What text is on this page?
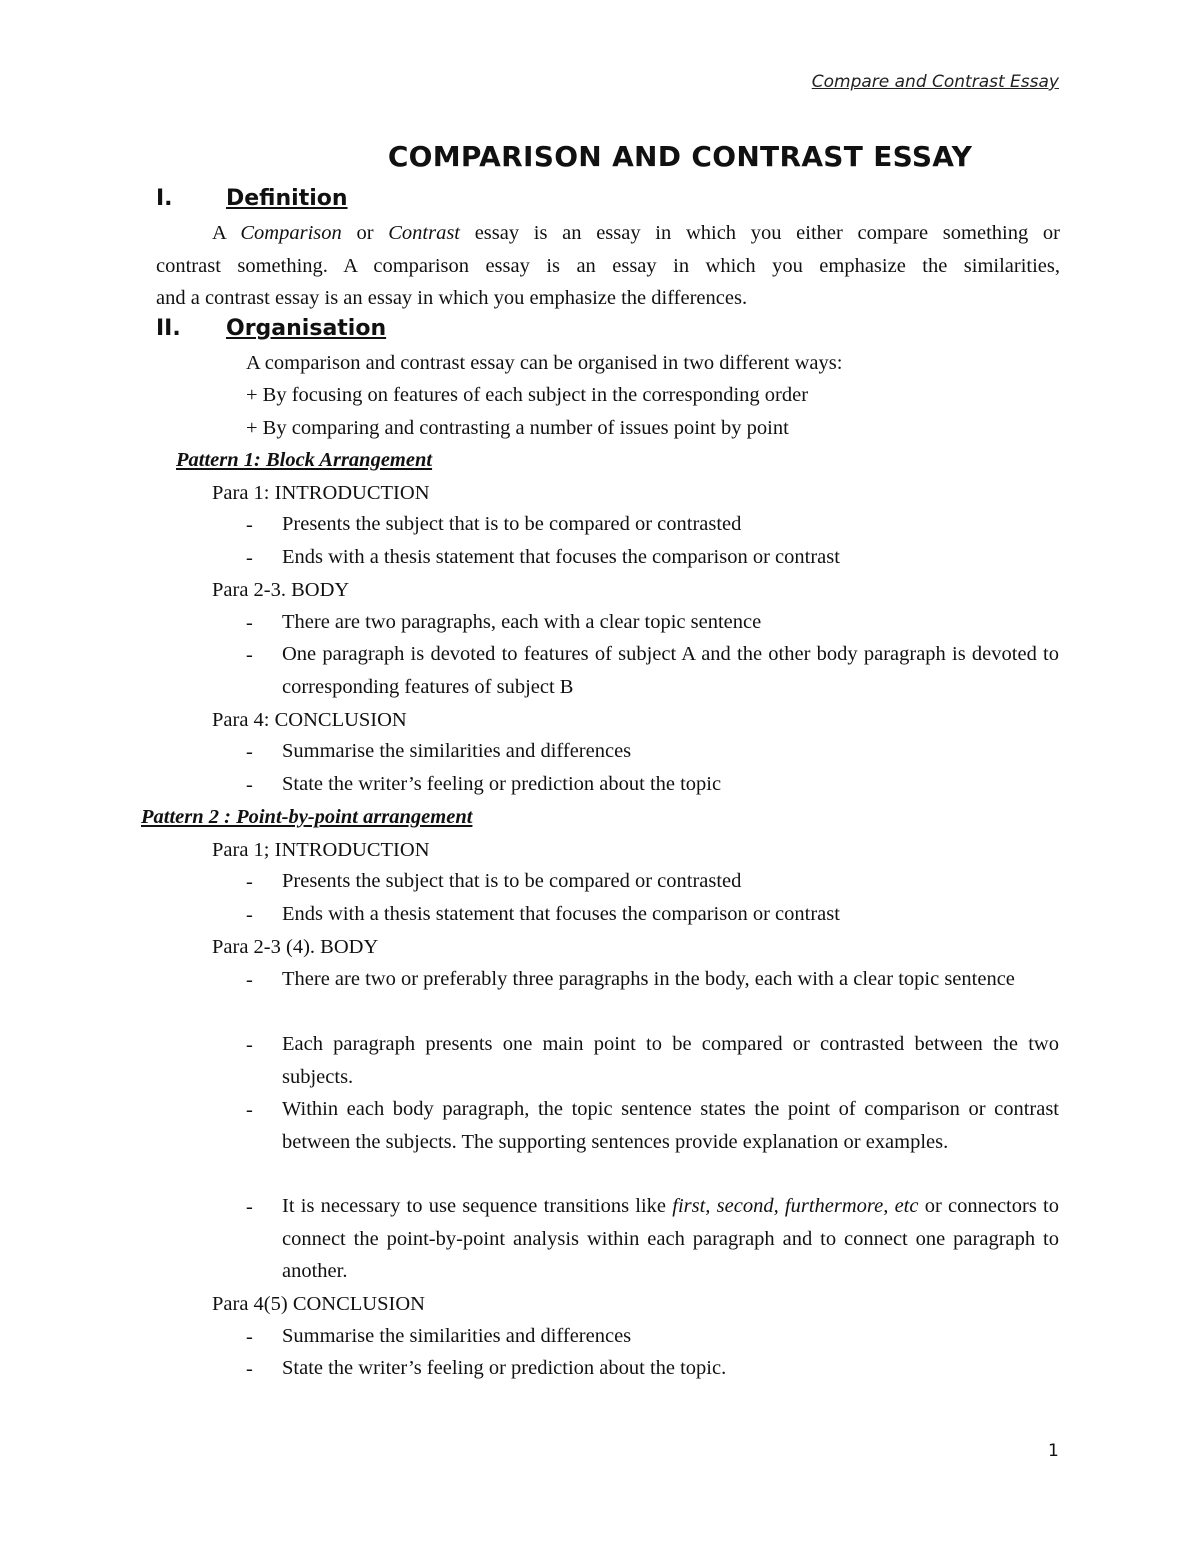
Compare and Contrast Essay
COMPARISON AND CONTRAST ESSAY
I. Definition
A Comparison or Contrast essay is an essay in which you either compare something or
contrast something. A comparison essay is an essay in which you emphasize the similarities,
and a contrast essay is an essay in which you emphasize the differences.
II. Organisation
A comparison and contrast essay can be organised in two different ways:
+ By focusing on features of each subject in the corresponding order
+ By comparing and contrasting a number of issues point by point
Pattern 1: Block Arrangement
Para 1: INTRODUCTION
- Presents the subject that is to be compared or contrasted
- Ends with a thesis statement that focuses the comparison or contrast
Para 2-3. BODY
- There are two paragraphs, each with a clear topic sentence
- One paragraph is devoted to features of subject A and the other body paragraph is devoted to corresponding features of subject B
Para 4: CONCLUSION
- Summarise the similarities and differences
- State the writer’s feeling or prediction about the topic
Pattern 2 : Point-by-point arrangement
Para 1; INTRODUCTION
- Presents the subject that is to be compared or contrasted
- Ends with a thesis statement that focuses the comparison or contrast
Para 2-3 (4). BODY
- There are two or preferably three paragraphs in the body, each with a clear topic sentence
- Each paragraph presents one main point to be compared or contrasted between the two subjects.
- Within each body paragraph, the topic sentence states the point of comparison or contrast between the subjects. The supporting sentences provide explanation or examples.
- It is necessary to use sequence transitions like first, second, furthermore, etc or connectors to connect the point-by-point analysis within each paragraph and to connect one paragraph to another.
Para 4(5) CONCLUSION
- Summarise the similarities and differences
- State the writer’s feeling or prediction about the topic.
1
